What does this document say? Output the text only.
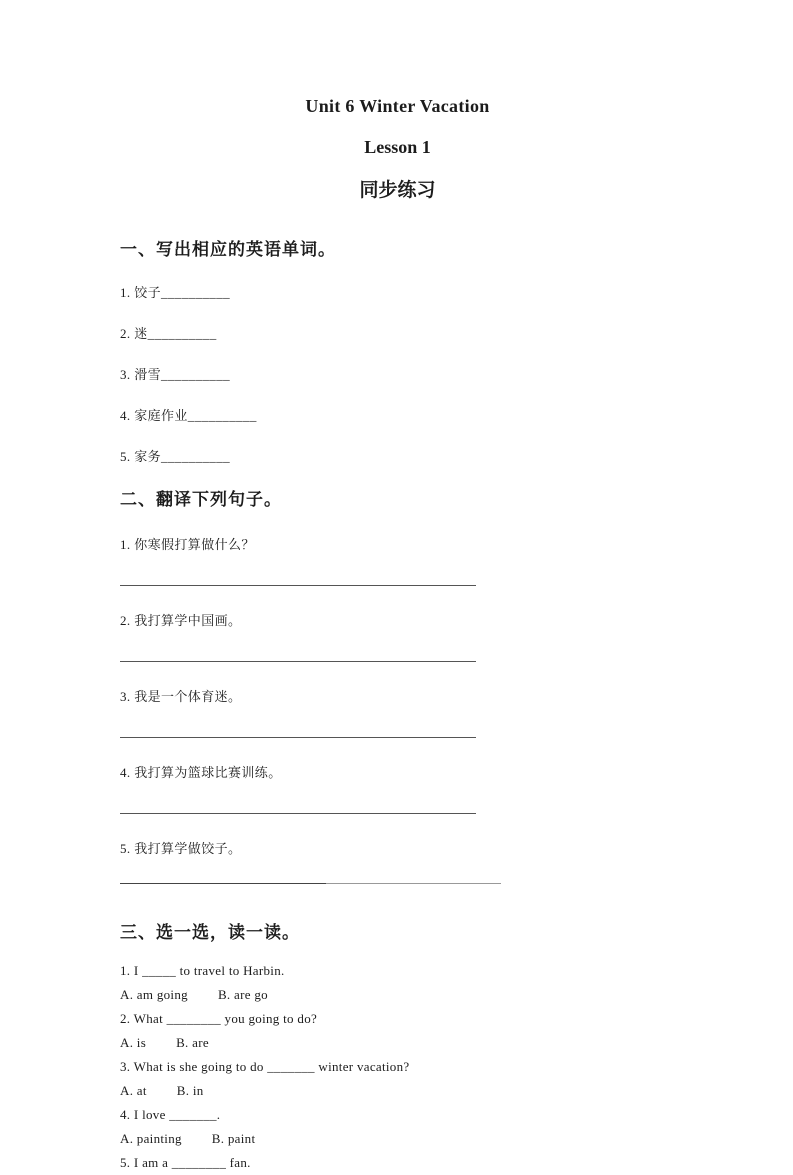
Unit 6 Winter Vacation
Lesson 1
同步练习
一、写出相应的英语单词。
1. 饺子__________
2. 迷__________
3. 滑雪__________
4. 家庭作业__________
5. 家务__________
二、翻译下列句子。
1. 你寒假打算做什么？
2. 我打算学中国画。
3. 我是一个体育迷。
4. 我打算为篮球比赛训练。
5. 我打算学做饺子。
三、选一选，读一读。
1. I _____ to travel to Harbin.
A. am going B. are go
2. What ________ you going to do?
A. is B. are
3. What is she going to do _______ winter vacation?
A. at B. in
4. I love _______.
A. painting B. paint
5. I am a ________ fan.
